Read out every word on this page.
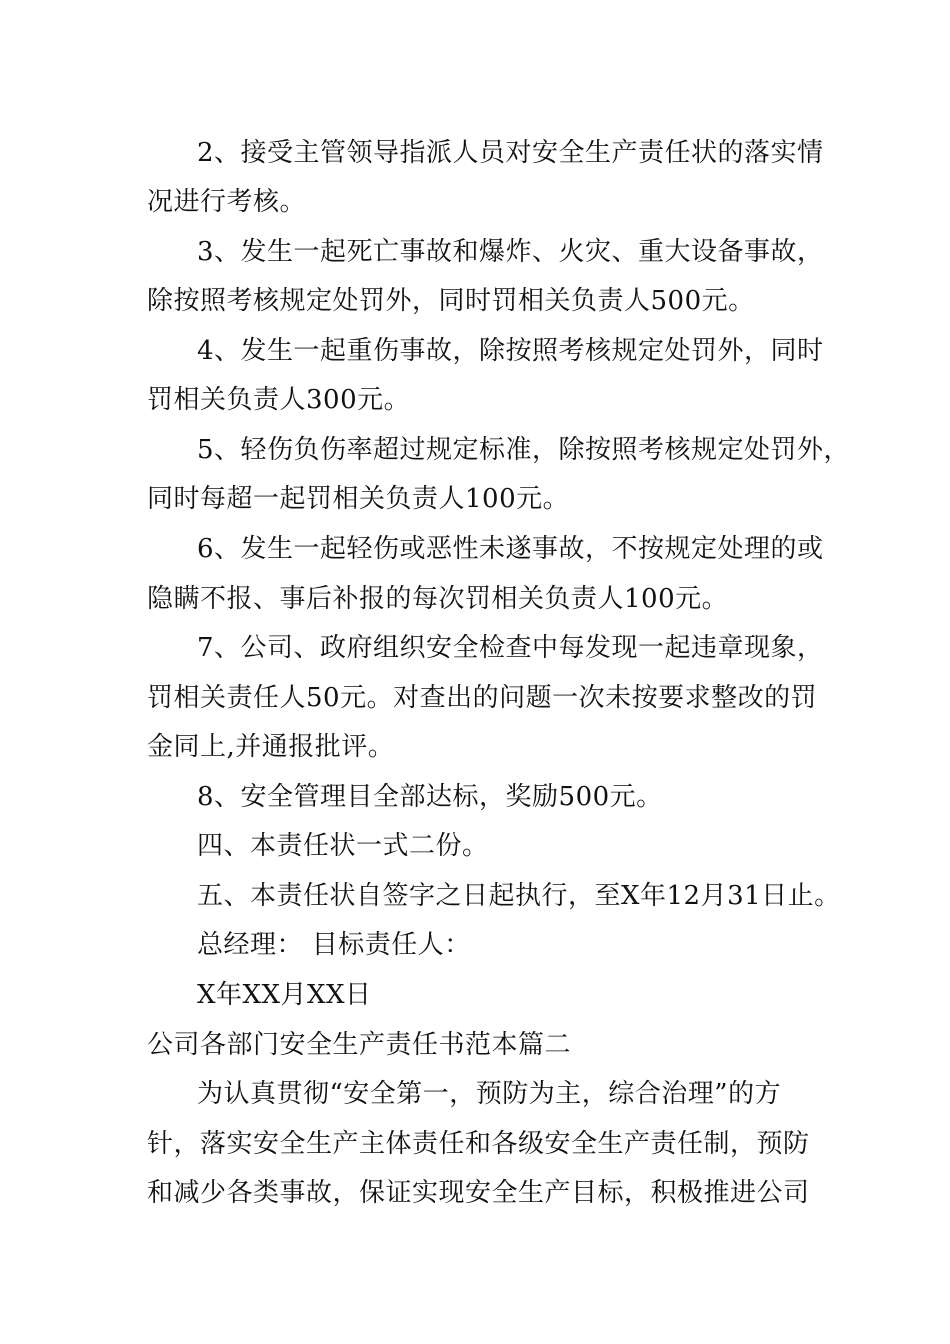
2、接受主管领导指派人员对安全生产责任状的落实情
况进行考核。
3、发生一起死亡事故和爆炸、火灾、重大设备事故，
除按照考核规定处罚外，同时罚相关负责人500元。
4、发生一起重伤事故，除按照考核规定处罚外，同时
罚相关负责人300元。
5、轻伤负伤率超过规定标准，除按照考核规定处罚外，
同时每超一起罚相关负责人100元。
6、发生一起轻伤或恶性未遂事故，不按规定处理的或
隐瞒不报、事后补报的每次罚相关负责人100元。
7、公司、政府组织安全检查中每发现一起违章现象，
罚相关责任人50元。对查出的问题一次未按要求整改的罚
金同上,并通报批评。
8、安全管理目全部达标，奖励500元。
四、本责任状一式二份。
五、本责任状自签字之日起执行，至X年12月31日止。
总经理： 目标责任人：
X年XX月XX日
公司各部门安全生产责任书范本篇二
为认真贯彻“安全第一，预防为主，综合治理”的方
针，落实安全生产主体责任和各级安全生产责任制，预防
和减少各类事故，保证实现安全生产目标，积极推进公司
